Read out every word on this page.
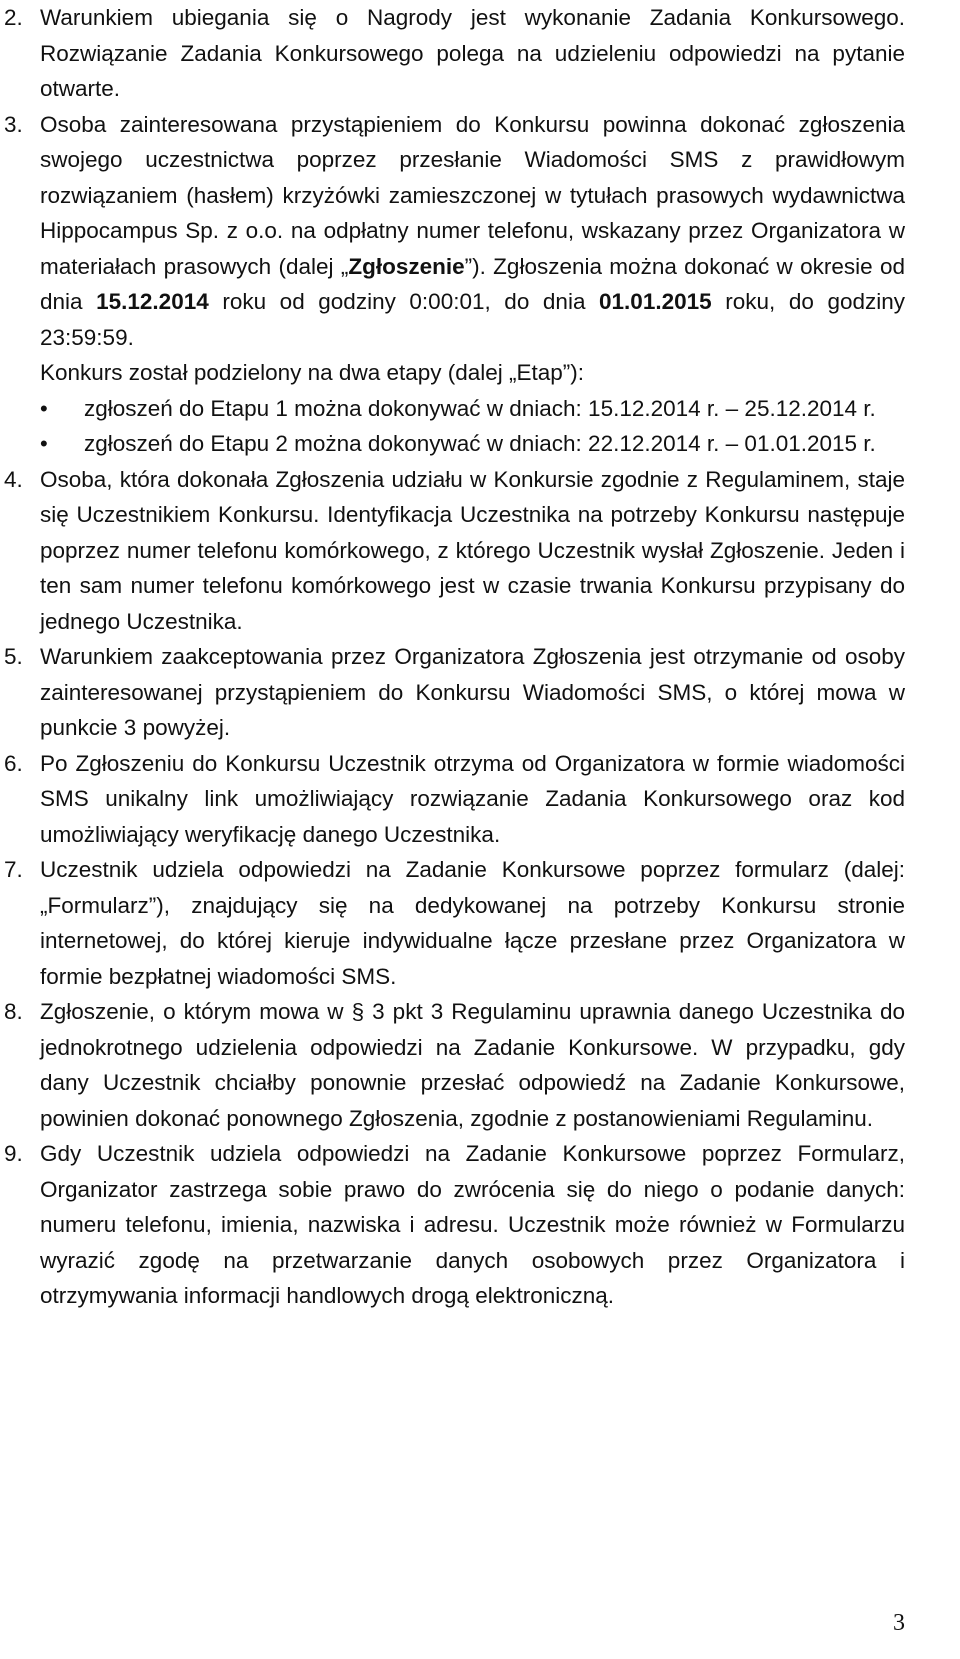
2. Warunkiem ubiegania się o Nagrody jest wykonanie Zadania Konkursowego. Rozwiązanie Zadania Konkursowego polega na udzieleniu odpowiedzi na pytanie otwarte.

3. Osoba zainteresowana przystąpieniem do Konkursu powinna dokonać zgłoszenia swojego uczestnictwa poprzez przesłanie Wiadomości SMS z prawidłowym rozwiązaniem (hasłem) krzyżówki zamieszczonej w tytułach prasowych wydawnictwa Hippocampus Sp. z o.o. na odpłatny numer telefonu, wskazany przez Organizatora w materiałach prasowych (dalej „Zgłoszenie”). Zgłoszenia można dokonać w okresie od dnia 15.12.2014 roku od godziny 0:00:01, do dnia 01.01.2015 roku, do godziny 23:59:59.

Konkurs został podzielony na dwa etapy (dalej „Etap”):

• zgłoszeń do Etapu 1 można dokonywać w dniach: 15.12.2014 r. – 25.12.2014 r.
• zgłoszeń do Etapu 2 można dokonywać w dniach: 22.12.2014 r. – 01.01.2015 r.
4. Osoba, która dokonała Zgłoszenia udziału w Konkursie zgodnie z Regulaminem, staje się Uczestnikiem Konkursu. Identyfikacja Uczestnika na potrzeby Konkursu następuje poprzez numer telefonu komórkowego, z którego Uczestnik wysłał Zgłoszenie. Jeden i ten sam numer telefonu komórkowego jest w czasie trwania Konkursu przypisany do jednego Uczestnika.

5. Warunkiem zaakceptowania przez Organizatora Zgłoszenia jest otrzymanie od osoby zainteresowanej przystąpieniem do Konkursu Wiadomości SMS, o której mowa w punkcie 3 powyżej.

6. Po Zgłoszeniu do Konkursu Uczestnik otrzyma od Organizatora w formie wiadomości SMS unikalny link umożliwiający rozwiązanie Zadania Konkursowego oraz kod umożliwiający weryfikację danego Uczestnika.

7. Uczestnik udziela odpowiedzi na Zadanie Konkursowe poprzez formularz (dalej: „Formularz”), znajdujący się na dedykowanej na potrzeby Konkursu stronie internetowej, do której kieruje indywidualne łącze przesłane przez Organizatora w formie bezpłatnej wiadomości SMS.

8. Zgłoszenie, o którym mowa w § 3 pkt 3 Regulaminu uprawnia danego Uczestnika do jednokrotnego udzielenia odpowiedzi na Zadanie Konkursowe. W przypadku, gdy dany Uczestnik chciałby ponownie przesłać odpowiedź na Zadanie Konkursowe, powinien dokonać ponownego Zgłoszenia, zgodnie z postanowieniami Regulaminu.

9. Gdy Uczestnik udziela odpowiedzi na Zadanie Konkursowe poprzez Formularz, Organizator zastrzega sobie prawo do zwrócenia się do niego o podanie danych: numeru telefonu, imienia, nazwiska i adresu. Uczestnik może również w Formularzu wyrazić zgodę na przetwarzanie danych osobowych przez Organizatora i otrzymywania informacji handlowych drogą elektroniczną.

3
